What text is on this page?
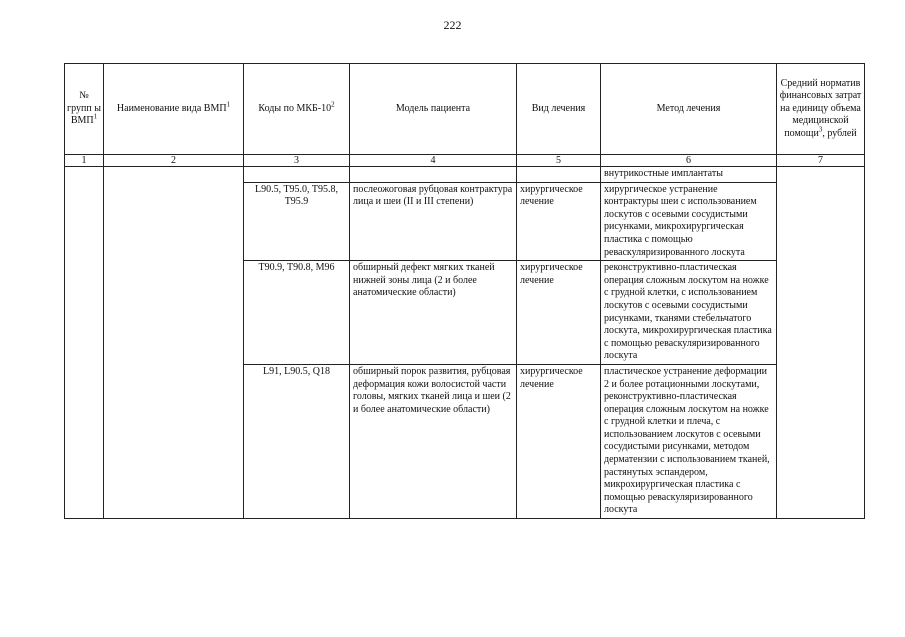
222
№ групп ы ВМП$^1$	Наименование вида ВМП$^1$	Коды по МКБ-$10^2$	Модель пациента	Вид лечения	Метод лечения	Средний норматив финансовых затрат на единицу объема медицинской помощи$^3$, рублей
1	2	3	4	5	6	7
					внутрикостные имплантаты	
		L90.5, T95.0, T95.8, T95.9	послеожоговая рубцовая контрактура лица и шеи (II и III степени)	хирургическое лечение	хирургическое устранение контрактуры шеи с использованием лоскутов с осевыми сосудистыми рисунками, микрохирургическая пластика с помощью реваскуляризированного лоскута	
		T90.9, T90.8, M96	обширный дефект мягких тканей нижней зоны лица (2 и более анатомические области)	хирургическое лечение	реконструктивно-пластическая операция сложным лоскутом на ножке с грудной клетки, с использованием лоскутов с осевыми сосудистыми рисунками, тканями стебельчатого лоскута, микрохирургическая пластика с помощью реваскуляризированного лоскута	
		L91, L90.5, Q18	обширный порок развития, рубцовая деформация кожи волосистой части головы, мягких тканей лица и шеи (2 и более анатомические области)	хирургическое лечение	пластическое устранение деформации 2 и более ротационными лоскутами, реконструктивно-пластическая операция сложным лоскутом на ножке с грудной клетки и плеча, с использованием лоскутов с осевыми сосудистыми рисунками, методом дерматензии с использованием тканей, растянутых эспандером, микрохирургическая пластика с помощью реваскуляризированного лоскута	
